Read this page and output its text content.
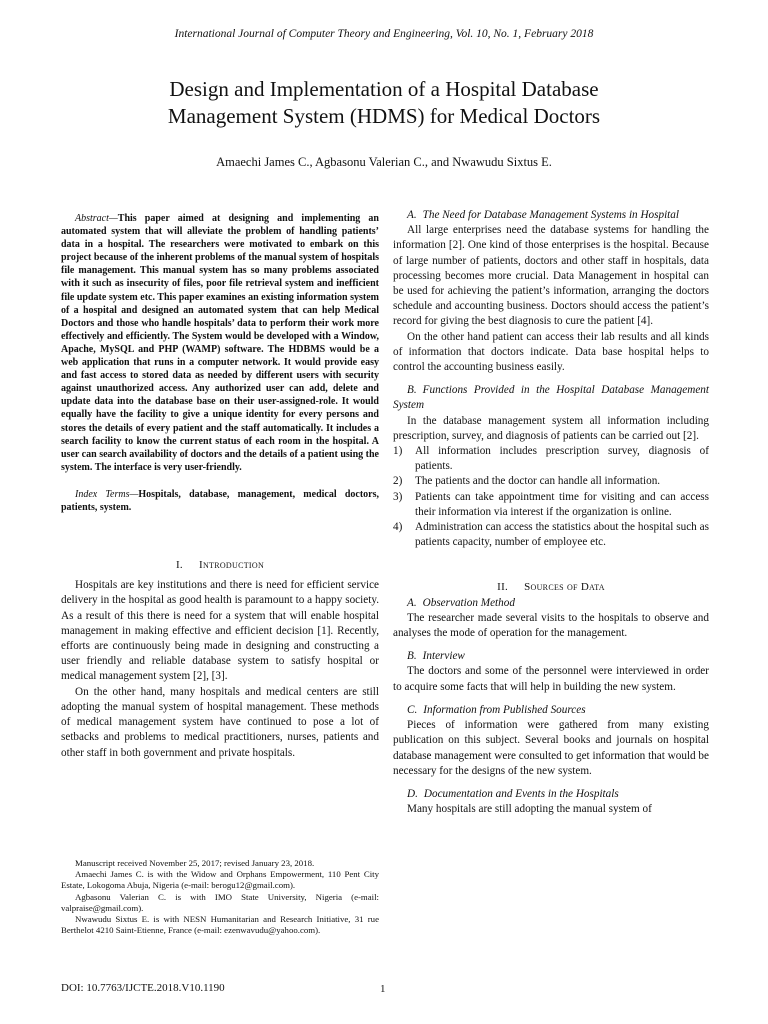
International Journal of Computer Theory and Engineering, Vol. 10, No. 1, February 2018
Design and Implementation of a Hospital Database
Management System (HDMS) for Medical Doctors
Amaechi James C., Agbasonu Valerian C., and Nwawudu Sixtus E.

Abstract—This paper aimed at designing and implementing an automated system that will alleviate the problem of handling patients’ data in a hospital. The researchers were motivated to embark on this project because of the inherent problems of the manual system of hospitals file management. This manual system has so many problems associated with it such as insecurity of files, poor file retrieval system and inefficient file update system etc. This paper examines an existing information system of a hospital and designed an automated system that can help Medical Doctors and those who handle hospitals’ data to perform their work more effectively and efficiently. The System would be developed with a Window, Apache, MySQL and PHP (WAMP) software. The HDBMS would be a web application that runs in a computer network. It would provide easy and fast access to stored data as needed by different users with security against unauthorized access. Any authorized user can add, delete and update data into the database base on their user-assigned-role. It would equally have the facility to give a unique identity for every persons and stores the details of every patient and the staff automatically. It includes a search facility to know the current status of each room in the hospital. A user can search availability of doctors and the details of a patient using the system. The interface is very user-friendly.

Index Terms—Hospitals, database, management, medical doctors, patients, system.

I. Introduction

Hospitals are key institutions and there is need for efficient service delivery in the hospital as good health is paramount to a happy society. As a result of this there is need for a system that will enable hospital management in making effective and efficient decision [1]. Recently, efforts are continuously being made in designing and constructing a user friendly and reliable database system to satisfy hospital or medical management system [2], [3].

On the other hand, many hospitals and medical centers are still adopting the manual system of hospital management. These methods of medical management system have continued to pose a lot of setbacks and problems to medical practitioners, nurses, patients and other staff in both government and private hospitals.

Manuscript received November 25, 2017; revised January 23, 2018.

Amaechi James C. is with the Widow and Orphans Empowerment, 110 Pent City Estate, Lokogoma Abuja, Nigeria (e-mail: berogu12@gmail.com).

Agbasonu Valerian C. is with IMO State University, Nigeria (e-mail: valpraise@gmail.com).

Nwawudu Sixtus E. is with NESN Humanitarian and Research Initiative, 31 rue Berthelot 4210 Saint-Etienne, France (e-mail: ezenwavudu@yahoo.com).

DOI: 10.7763/IJCTE.2018.V10.1190	1

A. The Need for Database Management Systems in Hospital

All large enterprises need the database systems for handling the information [2]. One kind of those enterprises is the hospital. Because of large number of patients, doctors and other staff in hospitals, data processing becomes more crucial. Data Management in hospital can be used for achieving the patient’s information, arranging the doctors schedule and accounting business. Doctors should access the patient’s record for giving the best diagnosis to cure the patient [4].

On the other hand patient can access their lab results and all kinds of information that doctors indicate. Data base hospital helps to control the accounting business easily.

B. Functions Provided in the Hospital Database Management System

In the database management system all information including prescription, survey, and diagnosis of patients can be carried out [2].

1) All information includes prescription survey, diagnosis of patients.
2) The patients and the doctor can handle all information.
3) Patients can take appointment time for visiting and can access their information via interest if the organization is online.
4) Administration can access the statistics about the hospital such as patients capacity, number of employee etc.

II. Sources of Data

A. Observation Method

The researcher made several visits to the hospitals to observe and analyses the mode of operation for the management.

B. Interview

The doctors and some of the personnel were interviewed in order to acquire some facts that will help in building the new system.

C. Information from Published Sources

Pieces of information were gathered from many existing publication on this subject. Several books and journals on hospital database management were consulted to get information that would be necessary for the designs of the new system.

D. Documentation and Events in the Hospitals

Many hospitals are still adopting the manual system of
